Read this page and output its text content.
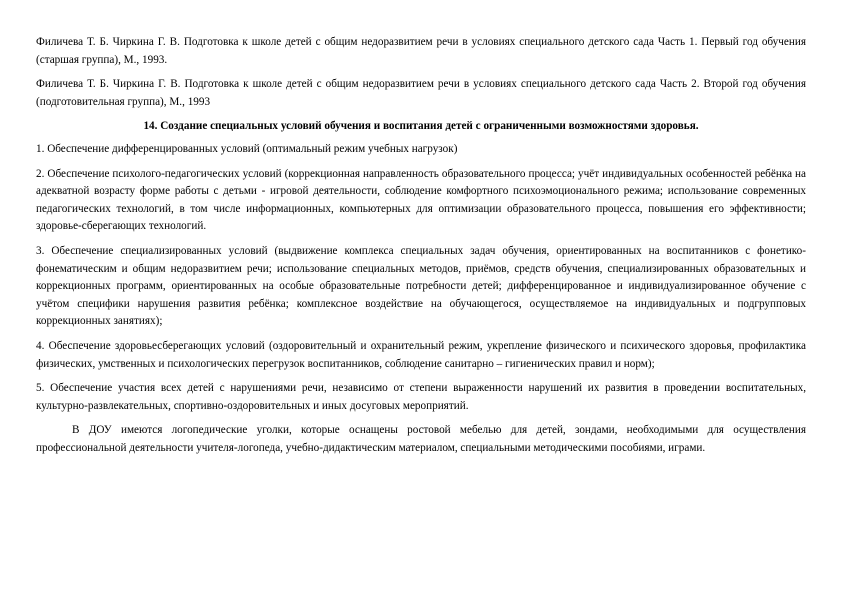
Филичева Т. Б. Чиркина Г. В. Подготовка к школе детей с общим недоразвитием речи в условиях специального детского сада Часть 1. Первый год обучения (старшая группа), М., 1993.

Филичева Т. Б. Чиркина Г. В. Подготовка к школе детей с общим недоразвитием речи в условиях специального детского сада Часть 2. Второй год обучения (подготовительная группа), М., 1993

14. Создание специальных условий обучения и воспитания детей с ограниченными возможностями здоровья.

1. Обеспечение дифференцированных условий (оптимальный режим учебных нагрузок)

2. Обеспечение психолого-педагогических условий (коррекционная направленность образовательного процесса; учёт индивидуальных особенностей ребёнка на адекватной возрасту форме работы с детьми - игровой деятельности, соблюдение комфортного психоэмоционального режима; использование современных педагогических технологий, в том числе информационных, компьютерных для оптимизации образовательного процесса, повышения его эффективности; здоровье-сберегающих технологий.

3. Обеспечение специализированных условий (выдвижение комплекса специальных задач обучения, ориентированных на воспитанников с фонетико-фонематическим и общим недоразвитием речи; использование специальных методов, приёмов, средств обучения, специализированных образовательных и коррекционных программ, ориентированных на особые образовательные потребности детей; дифференцированное и индивидуализированное обучение с учётом специфики нарушения развития ребёнка; комплексное воздействие на обучающегося, осуществляемое на индивидуальных и подгрупповых коррекционных занятиях);

4. Обеспечение здоровьесберегающих условий (оздоровительный и охранительный режим, укрепление физического и психического здоровья, профилактика физических, умственных и психологических перегрузок воспитанников, соблюдение санитарно – гигиенических правил и норм);

5. Обеспечение участия всех детей с нарушениями речи, независимо от степени выраженности нарушений их развития в проведении воспитательных, культурно-развлекательных, спортивно-оздоровительных и иных досуговых мероприятий.

В ДОУ имеются логопедические уголки, которые оснащены ростовой мебелью для детей, зондами, необходимыми для осуществления профессиональной деятельности учителя-логопеда, учебно-дидактическим материалом, специальными методическими пособиями, играми.
